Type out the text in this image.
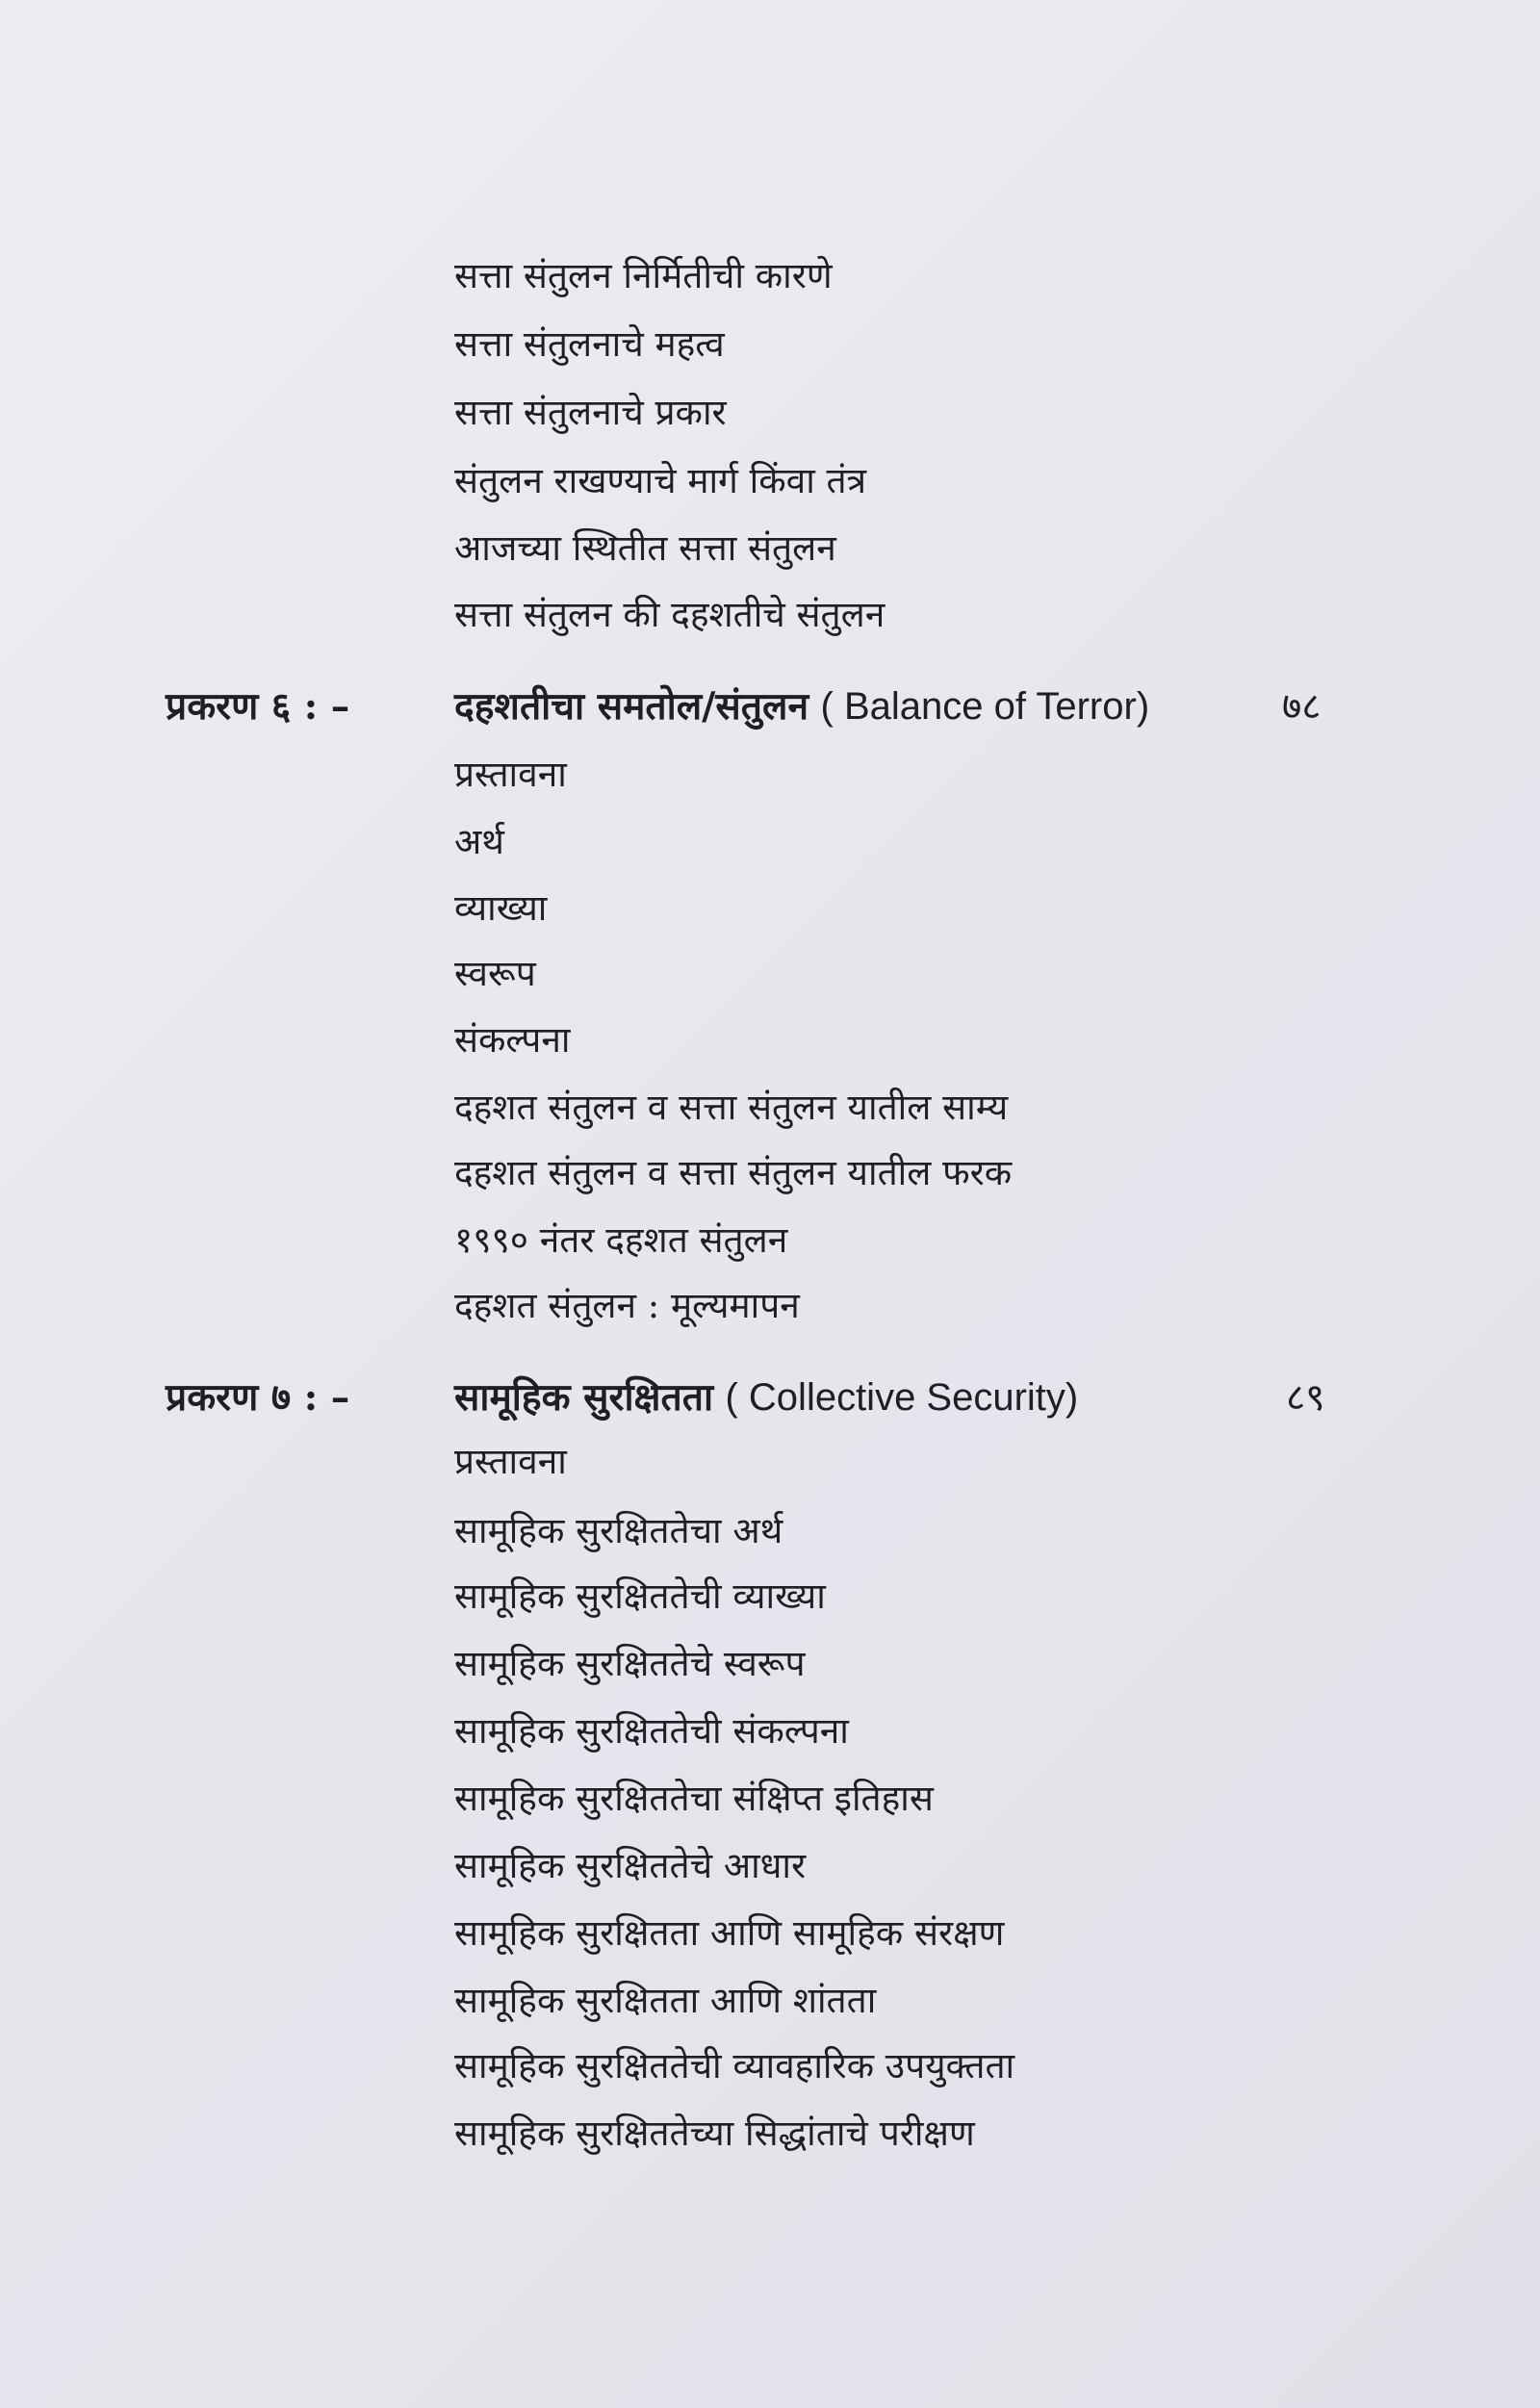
सत्ता संतुलन निर्मितीची कारणे
सत्ता संतुलनाचे महत्व
सत्ता संतुलनाचे प्रकार
संतुलन राखण्याचे मार्ग किंवा तंत्र
आजच्या स्थितीत सत्ता संतुलन
सत्ता संतुलन की दहशतीचे संतुलन
प्रकरण ६ : –	दहशतीचा समतोल/संतुलन ( Balance of Terror)	७८
प्रस्तावना
अर्थ
व्याख्या
स्वरूप
संकल्पना
दहशत संतुलन व सत्ता संतुलन यातील साम्य
दहशत संतुलन व सत्ता संतुलन यातील फरक
१९९० नंतर दहशत संतुलन
दहशत संतुलन : मूल्यमापन
प्रकरण ७ : –	सामूहिक सुरक्षितता ( Collective Security)	८९
प्रस्तावना
सामूहिक सुरक्षिततेचा अर्थ
सामूहिक सुरक्षिततेची व्याख्या
सामूहिक सुरक्षिततेचे स्वरूप
सामूहिक सुरक्षिततेची संकल्पना
सामूहिक सुरक्षिततेचा संक्षिप्त इतिहास
सामूहिक सुरक्षिततेचे आधार
सामूहिक सुरक्षितता आणि सामूहिक संरक्षण
सामूहिक सुरक्षितता आणि शांतता
सामूहिक सुरक्षिततेची व्यावहारिक उपयुक्तता
सामूहिक सुरक्षिततेच्या सिद्धांताचे परीक्षण
